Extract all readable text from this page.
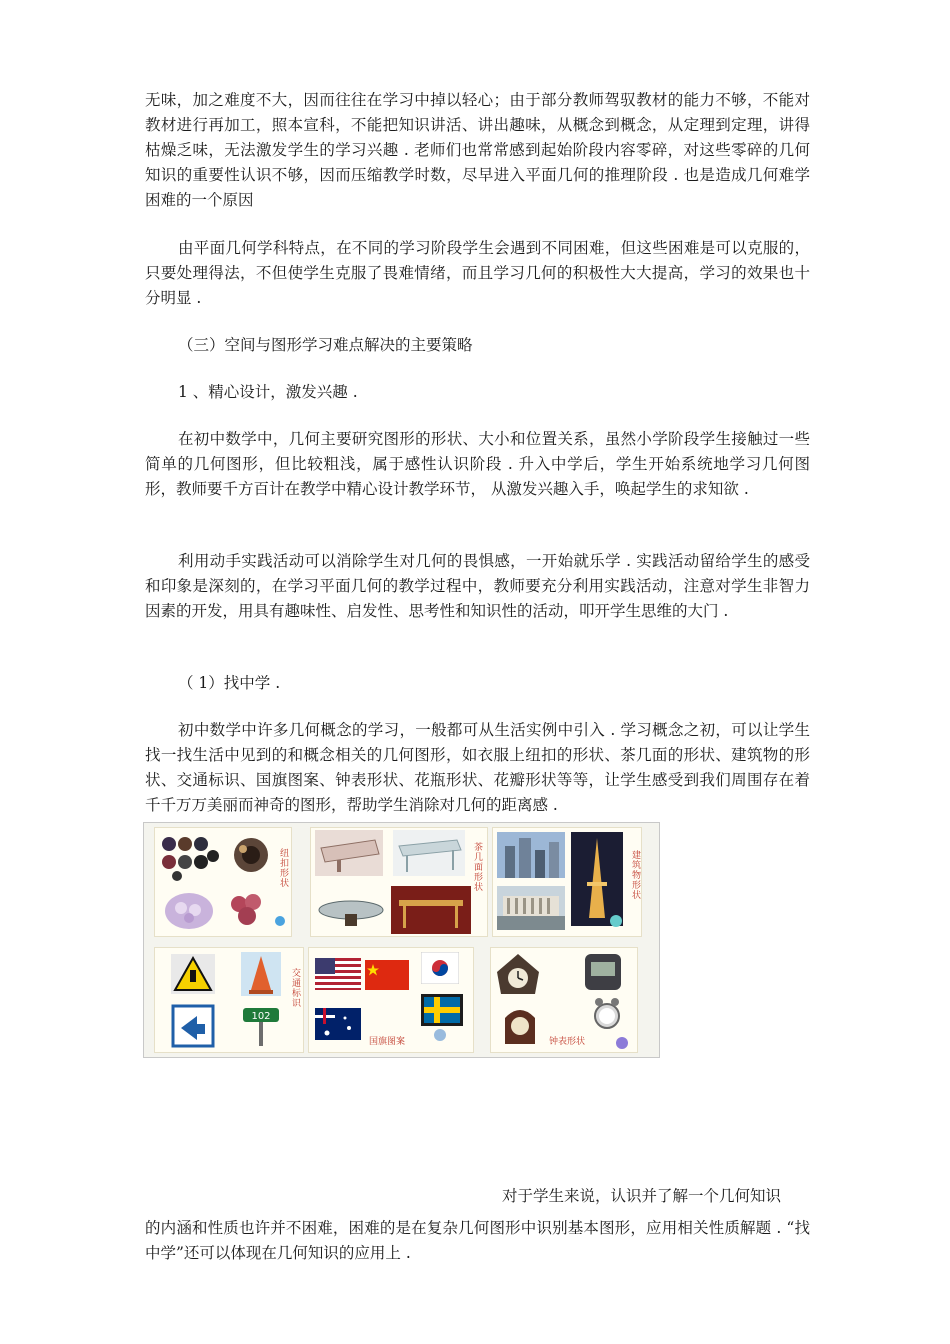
无味，加之难度不大，因而往往在学习中掉以轻心；由于部分教师驾驭教材的能力不够，不能对教材进行再加工，照本宣科，不能把知识讲活、讲出趣味，从概念到概念，从定理到定理，讲得枯燥乏味，无法激发学生的学习兴趣 . 老师们也常常感到起始阶段内容零碎，对这些零碎的几何知识的重要性认识不够，因而压缩教学时数，尽早进入平面几何的推理阶段 . 也是造成几何难学困难的一个原因

由平面几何学科特点，在不同的学习阶段学生会遇到不同困难，但这些困难是可以克服的，只要处理得法，不但使学生克服了畏难情绪，而且学习几何的积极性大大提高，学习的效果也十分明显 .

（三）空间与图形学习难点解决的主要策略

1 、精心设计，激发兴趣 .

在初中数学中，几何主要研究图形的形状、大小和位置关系，虽然小学阶段学生接触过一些简单的几何图形，但比较粗浅，属于感性认识阶段 . 升入中学后，学生开始系统地学习几何图形，教师要千方百计在教学中精心设计教学环节， 从激发兴趣入手，唤起学生的求知欲 .

利用动手实践活动可以消除学生对几何的畏惧感，一开始就乐学 . 实践活动留给学生的感受和印象是深刻的，在学习平面几何的教学过程中，教师要充分利用实践活动，注意对学生非智力因素的开发，用具有趣味性、启发性、思考性和知识性的活动，叩开学生思维的大门 .

（ 1）找中学 .

初中数学中许多几何概念的学习，一般都可从生活实例中引入 . 学习概念之初，可以让学生找一找生活中见到的和概念相关的几何图形，如衣服上纽扣的形状、茶几面的形状、建筑物的形状、交通标识、国旗图案、钟表形状、花瓶形状、花瓣形状等等，让学生感受到我们周围存在着千千万万美丽而神奇的图形，帮助学生消除对几何的距离感 .

纽扣形状	茶几面形状	建筑物形状
102
交通标识
国旗图案	钟表形状

对于学生来说，认识并了解一个几何知识

的内涵和性质也许并不困难，困难的是在复杂几何图形中识别基本图形，应用相关性质解题 . “找中学”还可以体现在几何知识的应用上 .
